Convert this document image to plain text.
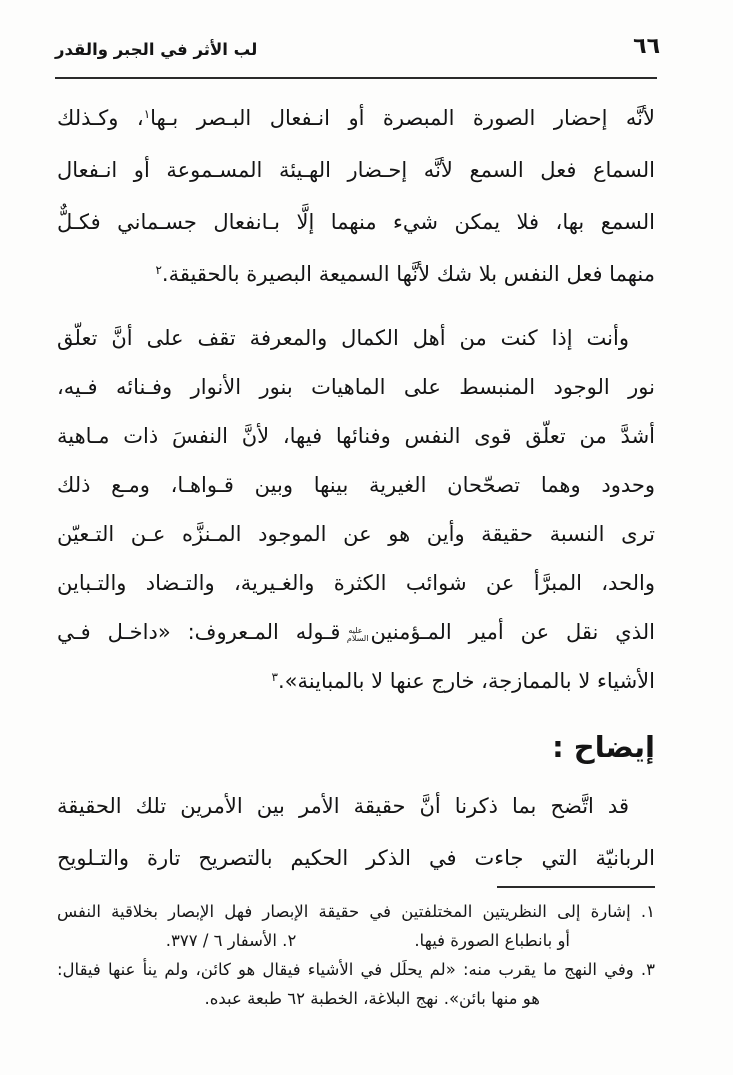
٦٦
لب الأثر في الجبر والقدر
لأنَّه إحضار الصورة المبصرة أو انـفعال البـصر بـها$^١$، وكـذلك
السماع فعل السمع لأنَّه إحـضار الهـيئة المسـموعة أو انـفعال
السمع بها، فلا يمكن شيء منهما إلَّا بـانفعال جسـماني فكـلٌّ
منهما فعل النفس بلا شك لأنَّها السميعة البصيرة بالحقيقة.$^٢$
وأنت إذا كنت من أهل الكمال والمعرفة تقف على أنَّ تعلّق
نور الوجود المنبسط على الماهيات بنور الأنوار وفـنائه فـيه،
أشدَّ من تعلّق قوى النفس وفنائها فيها، لأنَّ النفسَ ذات مـاهية
وحدود وهما تصحّحان الغيرية بينها وبين قـواهـا، ومـع ذلك
ترى النسبة حقيقة وأين هو عن الموجود المـنزَّه عـن التـعيّن
والحد، المبرَّأ عن شوائب الكثرة والغـيرية، والتـضاد والتـباين
الذي نقل عن أمير المـؤمنينعليه السلامقـوله المـعروف: «داخـل فـي
الأشياء لا بالممازجة، خارج عنها لا بالمباينة».$^٣$
إيضاح :
قد اتَّضح بما ذكرنا أنَّ حقيقة الأمر بين الأمرين تلك الحقيقة
الربانيّة التي جاءت في الذكر الحكيم بالتصريح تارة والتـلويح
١. إشارة إلى النظريتين المختلفتين في حقيقة الإبصار فهل الإبصار بخلاقية النفس
أو بانطباع الصورة فيها.
٢. الأسفار ٦ / ٣٧٧.
٣. وفي النهج ما يقرب منه: «لم يحلَل في الأشياء فيقال هو كائن، ولم ينأ عنها فيقال:
هو منها بائن». نهج البلاغة، الخطبة ٦٢ طبعة عبده.
